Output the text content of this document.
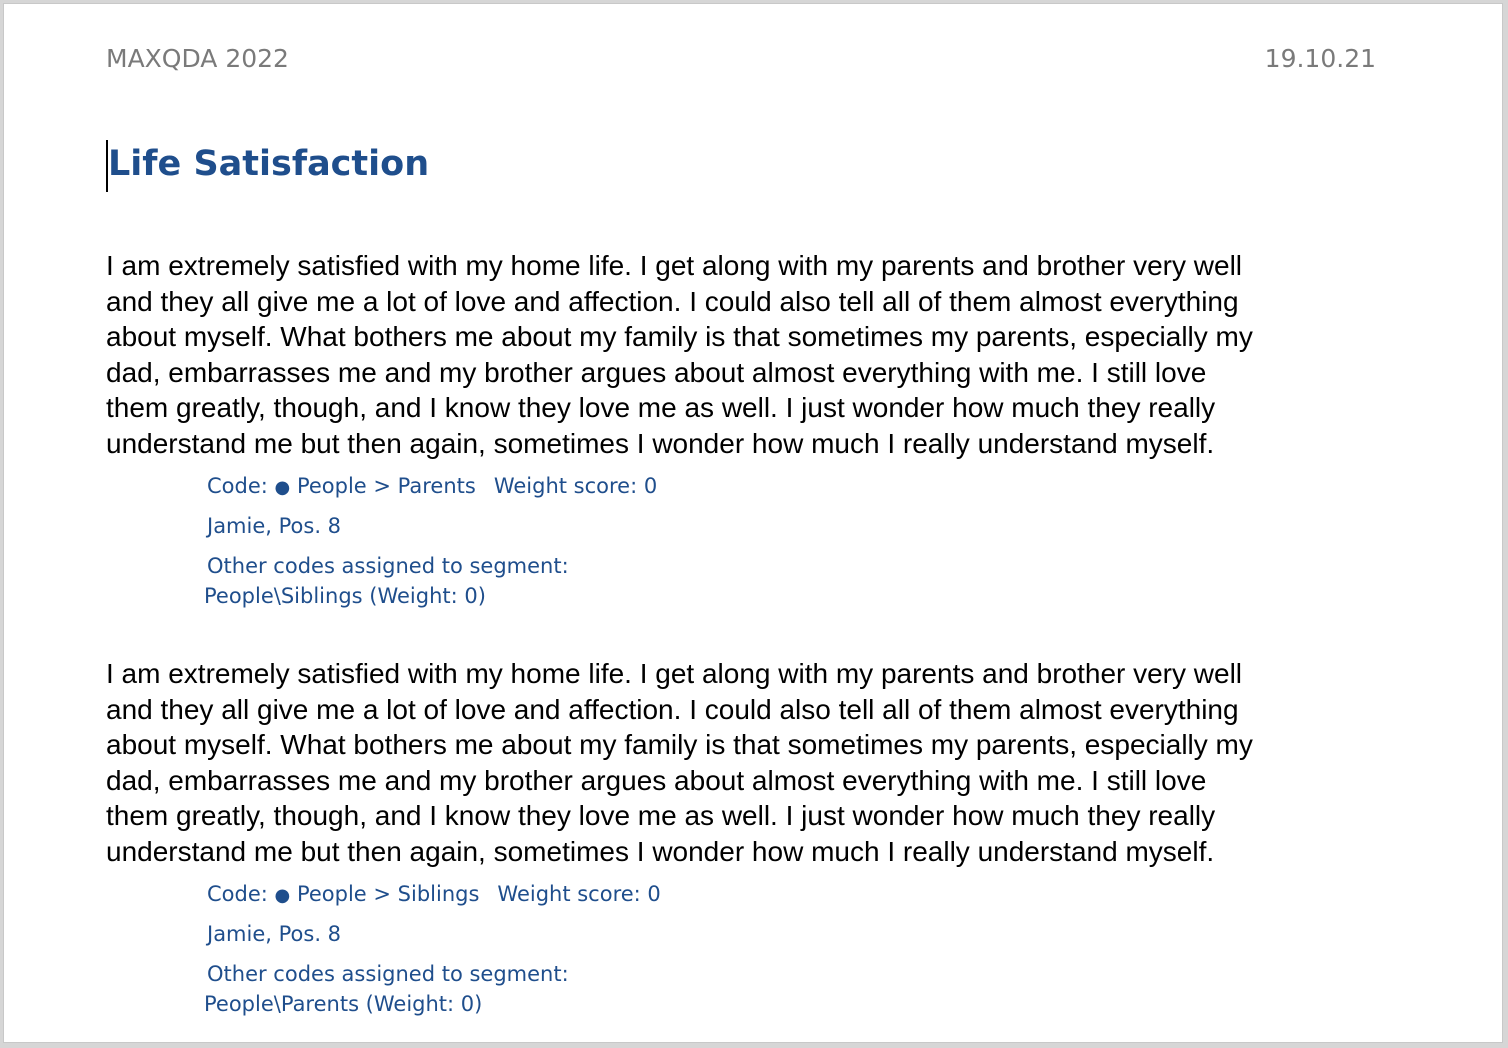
MAXQDA 2022	19.10.21
Life Satisfaction

I am extremely satisfied with my home life. I get along with my parents and brother very well
and they all give me a lot of love and affection. I could also tell all of them almost everything
about myself. What bothers me about my family is that sometimes my parents, especially my
dad, embarrasses me and my brother argues about almost everything with me. I still love
them greatly, though, and I know they love me as well. I just wonder how much they really
understand me but then again, sometimes I wonder how much I really understand myself.

Code: ● People > Parents Weight score: 0
Jamie, Pos. 8
Other codes assigned to segment:
People\Siblings (Weight: 0)

I am extremely satisfied with my home life. I get along with my parents and brother very well
and they all give me a lot of love and affection. I could also tell all of them almost everything
about myself. What bothers me about my family is that sometimes my parents, especially my
dad, embarrasses me and my brother argues about almost everything with me. I still love
them greatly, though, and I know they love me as well. I just wonder how much they really
understand me but then again, sometimes I wonder how much I really understand myself.

Code: ● People > Siblings Weight score: 0
Jamie, Pos. 8
Other codes assigned to segment:
People\Parents (Weight: 0)
